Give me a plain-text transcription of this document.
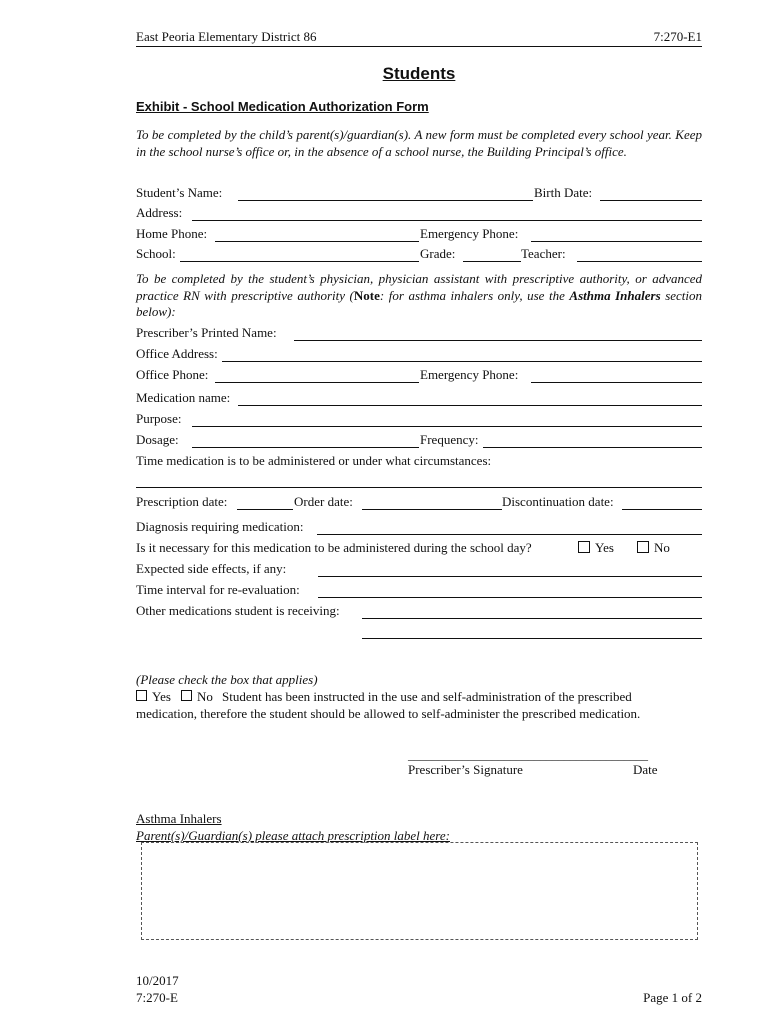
East Peoria Elementary District 86	7:270-E1
Students
Exhibit - School Medication Authorization Form
To be completed by the child’s parent(s)/guardian(s). A new form must be completed every school year. Keep in the school nurse’s office or, in the absence of a school nurse, the Building Principal’s office.
Student’s Name:	Birth Date:
Address:
Home Phone:	Emergency Phone:
School:	Grade:	Teacher:
To be completed by the student’s physician, physician assistant with prescriptive authority, or advanced practice RN with prescriptive authority (Note: for asthma inhalers only, use the Asthma Inhalers section below):
Prescriber’s Printed Name:
Office Address:
Office Phone:	Emergency Phone:
Medication name:
Purpose:
Dosage:	Frequency:
Time medication is to be administered or under what circumstances:
Prescription date:	Order date:	Discontinuation date:
Diagnosis requiring medication:
Is it necessary for this medication to be administered during the school day?	Yes	No
Expected side effects, if any:
Time interval for re-evaluation:
Other medications student is receiving:
(Please check the box that applies)
Yes No Student has been instructed in the use and self-administration of the prescribed
medication, therefore the student should be allowed to self-administer the prescribed medication.
________________________________________
Prescriber’s Signature	Date
Asthma Inhalers
Parent(s)/Guardian(s) please attach prescription label here:
10/2017
7:270-E	Page 1 of 2
